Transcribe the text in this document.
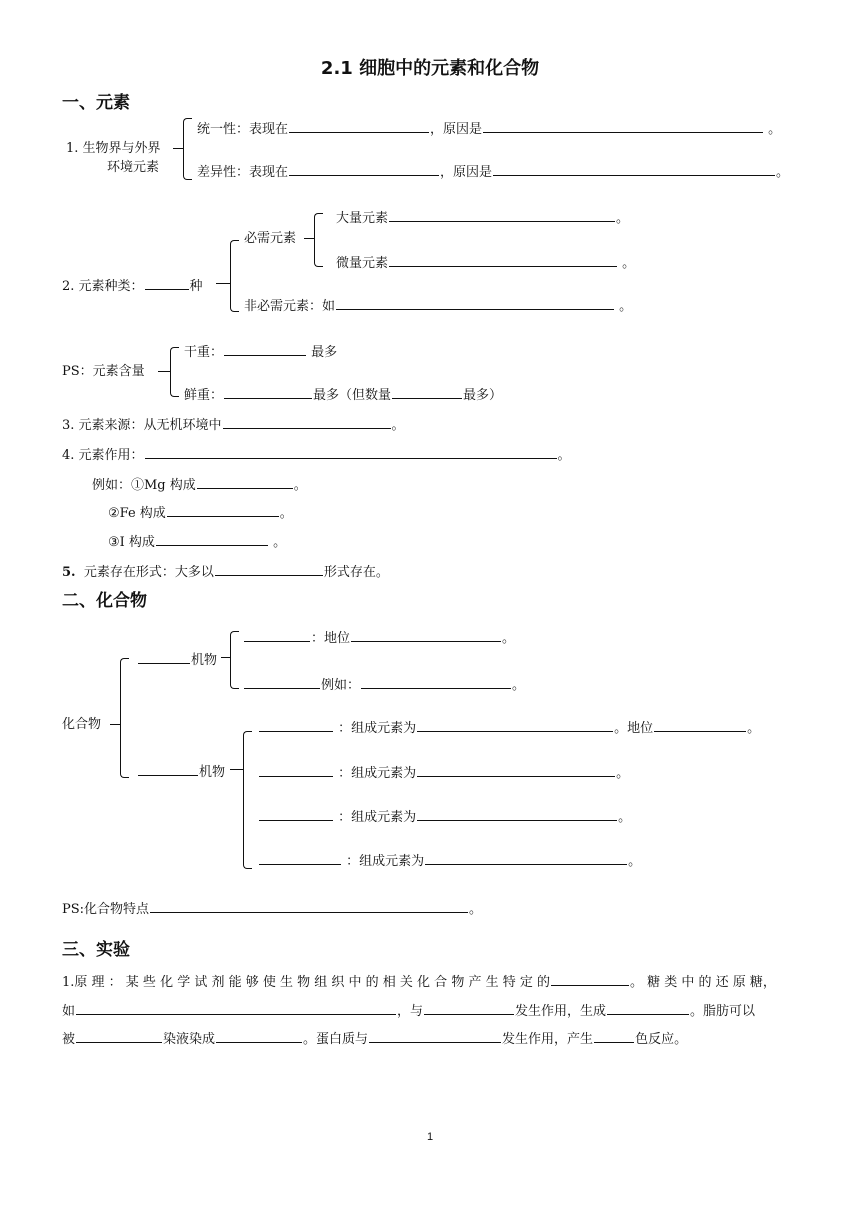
2.1 细胞中的元素和化合物
一、元素
1. 生物界与外界
环境元素
统一性：表现在	，原因是	。
差异性：表现在	，原因是	。
2. 元素种类：	种
必需元素
大量元素	。
微量元素	。
非必需元素：如	。
PS：元素含量
干重：	最多
鲜重：	最多（但数量	最多）
3. 元素来源：从无机环境中	。
4. 元素作用：	。
例如：①Mg 构成	。
②Fe 构成	。
③I 构成	。
5. 元素存在形式：大多以	形式存在。
二、化合物
化合物
机物
：地位	。
例如：	。
机物
：组成元素为	。地位	。
：组成元素为	。
：组成元素为	。
：组成元素为	。
PS:化合物特点	。
三、实验
1.原 理 ： 某 些 化 学 试 剂 能 够 使 生 物 组 织 中 的 相 关 化 合 物 产 生 特 定 的	。 糖 类 中 的 还 原 糖，
如	，与	发生作用，生成	。脂肪可以
被	染液染成	。蛋白质与	发生作用，产生	色反应。
1
